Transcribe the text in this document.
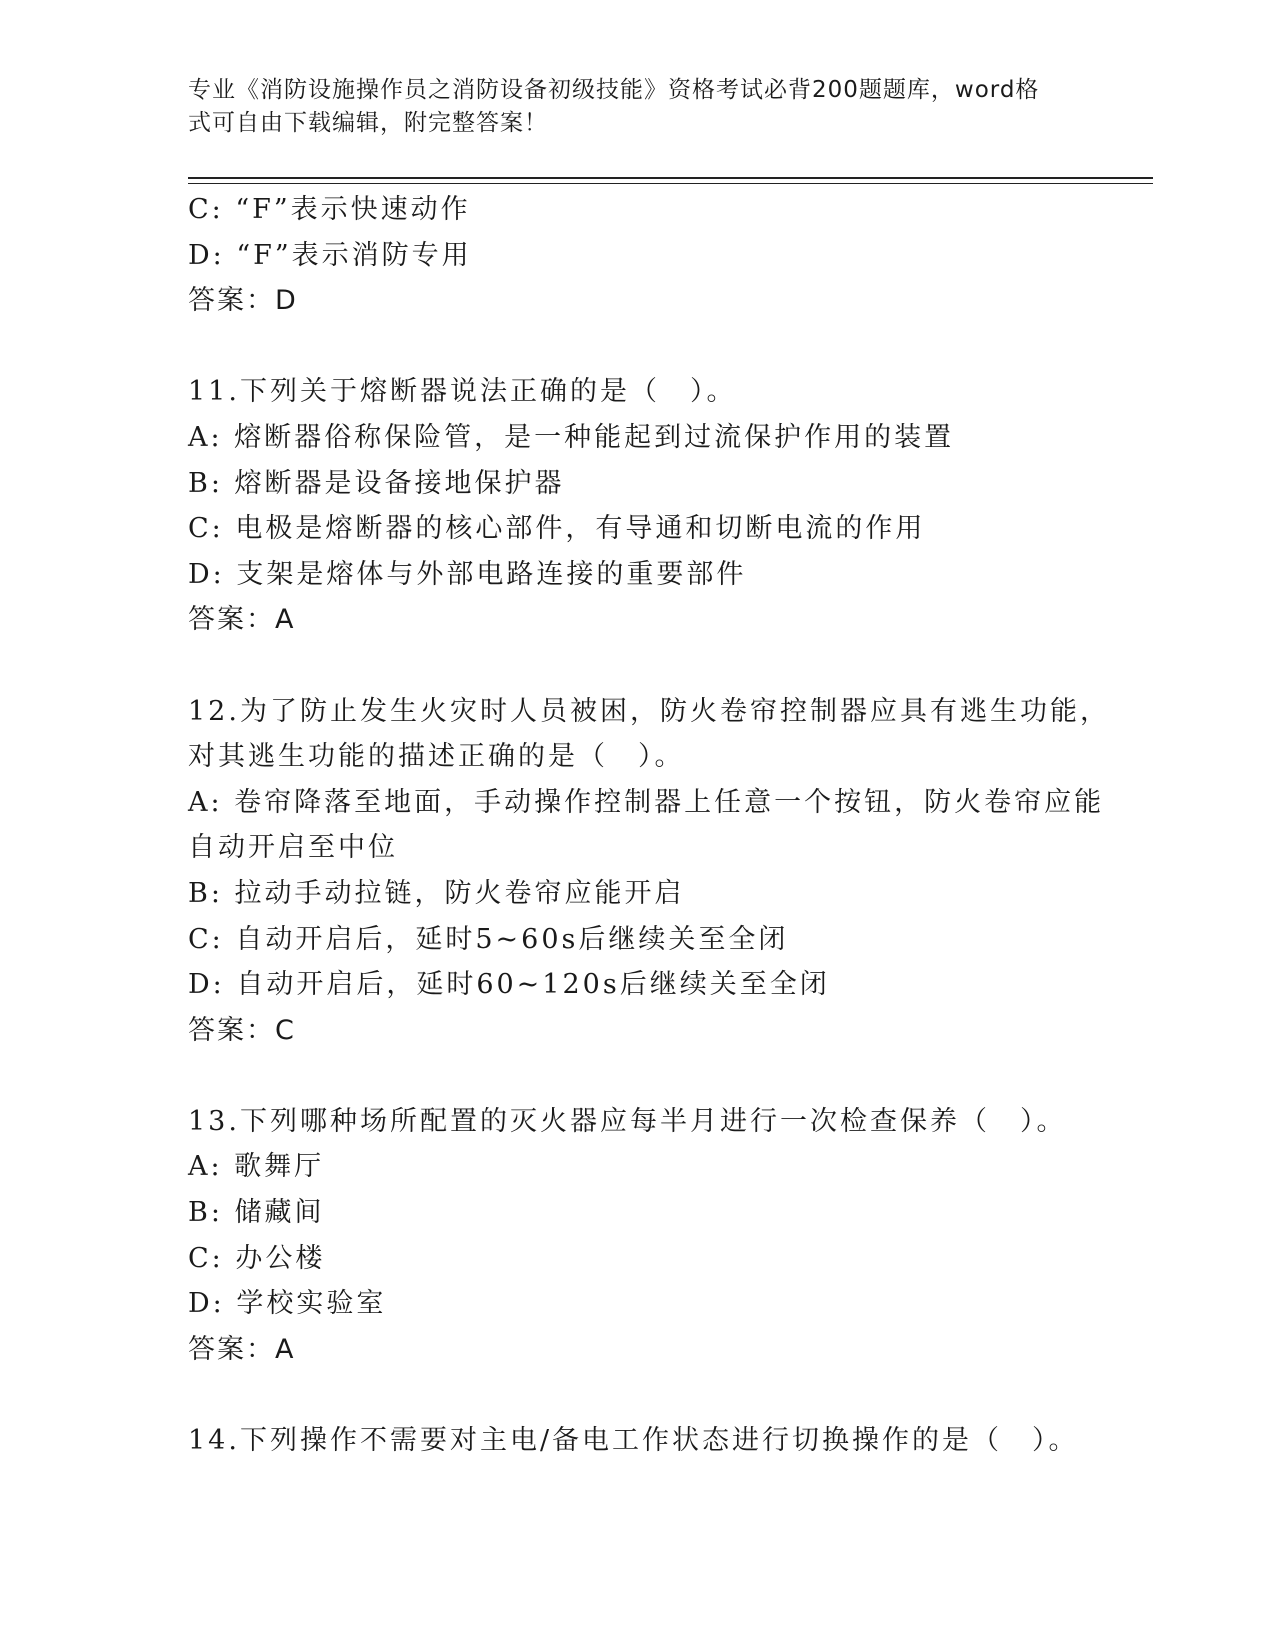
专业《消防设施操作员之消防设备初级技能》资格考试必背200题题库，word格
式可自由下载编辑，附完整答案！
C: “F”表示快速动作
D: “F”表示消防专用
答案：D
11.下列关于熔断器说法正确的是（　）。
A: 熔断器俗称保险管，是一种能起到过流保护作用的装置
B: 熔断器是设备接地保护器
C: 电极是熔断器的核心部件，有导通和切断电流的作用
D: 支架是熔体与外部电路连接的重要部件
答案：A
12.为了防止发生火灾时人员被困，防火卷帘控制器应具有逃生功能，
对其逃生功能的描述正确的是（　）。
A: 卷帘降落至地面，手动操作控制器上任意一个按钮，防火卷帘应能
自动开启至中位
B: 拉动手动拉链，防火卷帘应能开启
C: 自动开启后，延时5~60s后继续关至全闭
D: 自动开启后，延时60~120s后继续关至全闭
答案：C
13.下列哪种场所配置的灭火器应每半月进行一次检查保养（　）。
A: 歌舞厅
B: 储藏间
C: 办公楼
D: 学校实验室
答案：A
14.下列操作不需要对主电/备电工作状态进行切换操作的是（　）。
